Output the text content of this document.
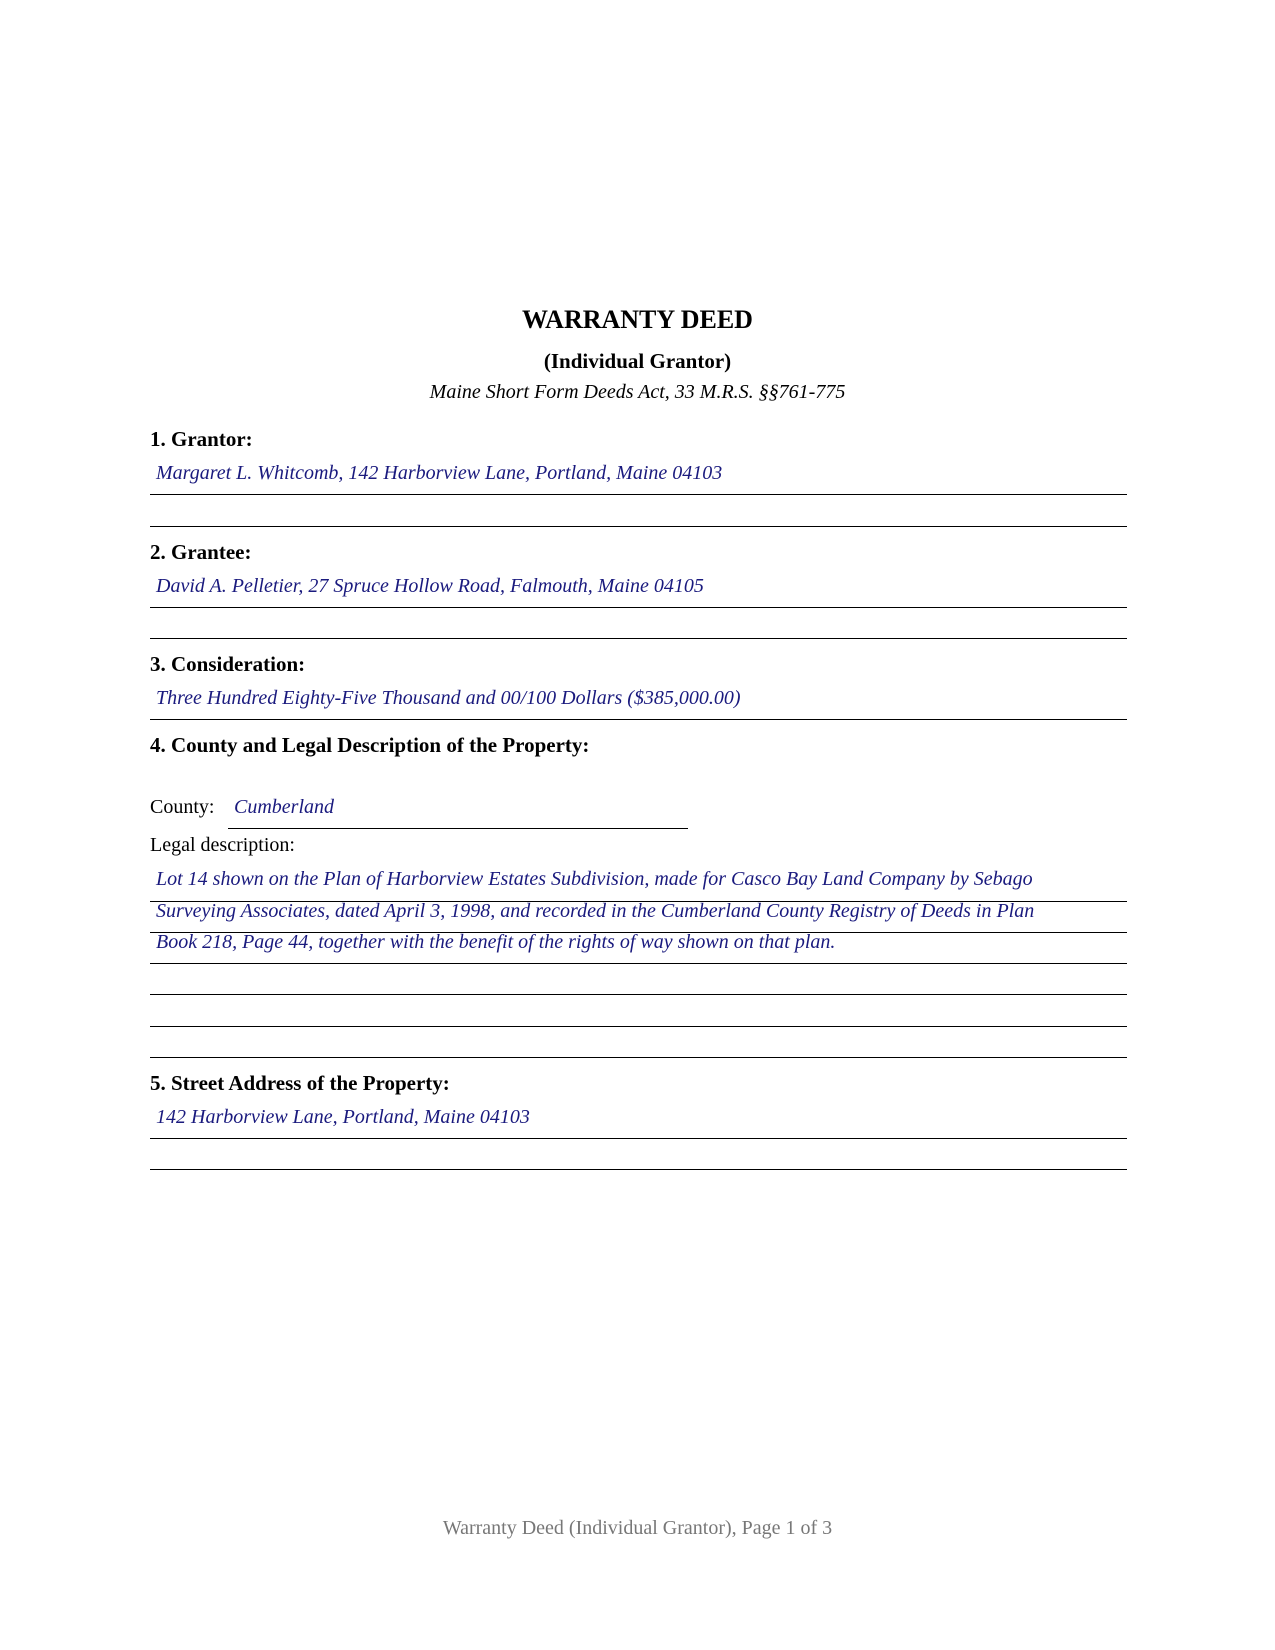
WARRANTY DEED
(Individual Grantor)
Maine Short Form Deeds Act, 33 M.R.S. §§761-775
1. Grantor:
Margaret L. Whitcomb, 142 Harborview Lane, Portland, Maine 04103
2. Grantee:
David A. Pelletier, 27 Spruce Hollow Road, Falmouth, Maine 04105
3. Consideration:
Three Hundred Eighty-Five Thousand and 00/100 Dollars ($385,000.00)
4. County and Legal Description of the Property:
County: Cumberland
Legal description:
Lot 14 shown on the Plan of Harborview Estates Subdivision, made for Casco Bay Land Company by Sebago
Surveying Associates, dated April 3, 1998, and recorded in the Cumberland County Registry of Deeds in Plan
Book 218, Page 44, together with the benefit of the rights of way shown on that plan.
5. Street Address of the Property:
142 Harborview Lane, Portland, Maine 04103
Warranty Deed (Individual Grantor), Page 1 of 3
